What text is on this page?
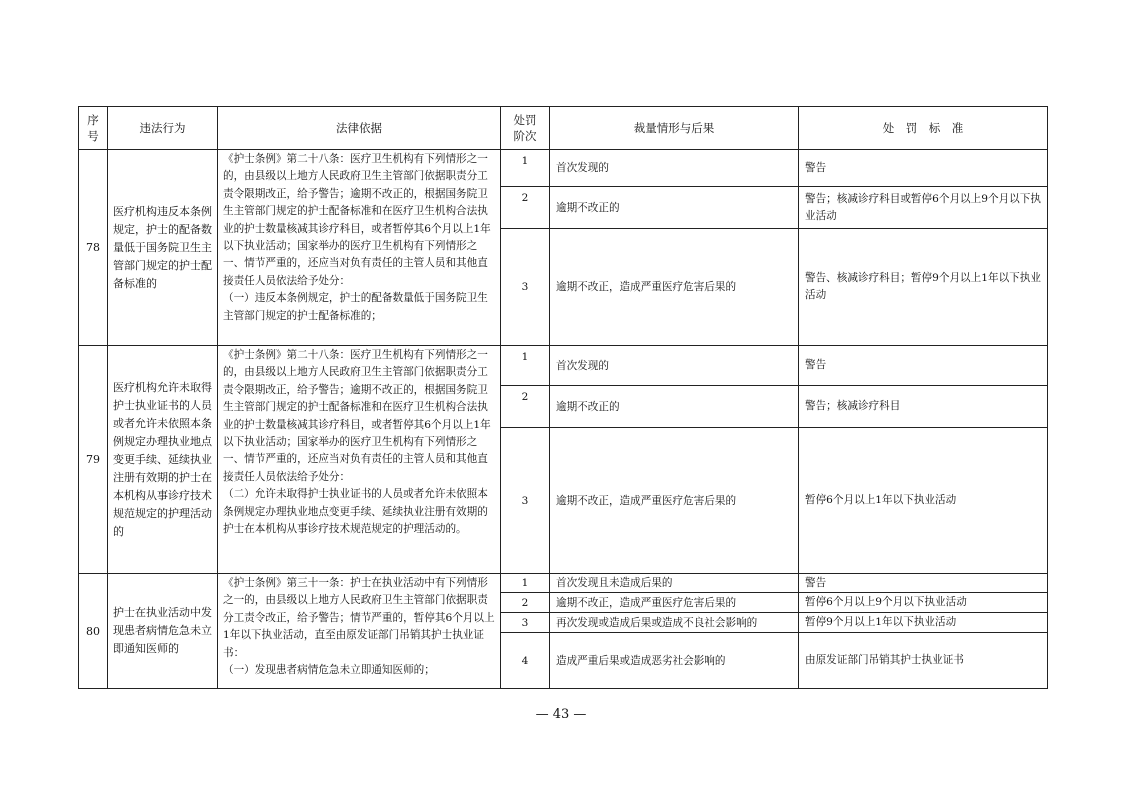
序
号	违法行为	法律依据	处罚
阶次	裁量情形与后果	处　罚　标　准
78	医疗机构违反本条例规定，护士的配备数量低于国务院卫生主管部门规定的护士配备标准的	《护士条例》第二十八条：医疗卫生机构有下列情形之一的，由县级以上地方人民政府卫生主管部门依据职责分工责令限期改正，给予警告；逾期不改正的，根据国务院卫生主管部门规定的护士配备标准和在医疗卫生机构合法执业的护士数量核减其诊疗科目，或者暂停其6个月以上1年以下执业活动；国家举办的医疗卫生机构有下列情形之一、情节严重的，还应当对负有责任的主管人员和其他直接责任人员依法给予处分：
（一）违反本条例规定，护士的配备数量低于国务院卫生主管部门规定的护士配备标准的；	1	首次发现的	警告
			2	逾期不改正的	警告；核减诊疗科目或暂停6个月以上9个月以下执业活动
			3	逾期不改正，造成严重医疗危害后果的	警告、核减诊疗科目；暂停9个月以上1年以下执业活动
79	医疗机构允许未取得护士执业证书的人员或者允许未依照本条例规定办理执业地点变更手续、延续执业注册有效期的护士在本机构从事诊疗技术规范规定的护理活动的	《护士条例》第二十八条：医疗卫生机构有下列情形之一的，由县级以上地方人民政府卫生主管部门依据职责分工责令限期改正，给予警告；逾期不改正的，根据国务院卫生主管部门规定的护士配备标准和在医疗卫生机构合法执业的护士数量核减其诊疗科目，或者暂停其6个月以上1年以下执业活动；国家举办的医疗卫生机构有下列情形之一、情节严重的，还应当对负有责任的主管人员和其他直接责任人员依法给予处分：
（二）允许未取得护士执业证书的人员或者允许未依照本条例规定办理执业地点变更手续、延续执业注册有效期的护士在本机构从事诊疗技术规范规定的护理活动的。	1	首次发现的	警告
			2	逾期不改正的	警告；核减诊疗科目
			3	逾期不改正，造成严重医疗危害后果的	暂停6个月以上1年以下执业活动
80	护士在执业活动中发现患者病情危急未立即通知医师的	《护士条例》第三十一条：护士在执业活动中有下列情形之一的，由县级以上地方人民政府卫生主管部门依据职责分工责令改正，给予警告；情节严重的，暂停其6个月以上1年以下执业活动，直至由原发证部门吊销其护士执业证书：
（一）发现患者病情危急未立即通知医师的；	1	首次发现且未造成后果的	警告
			2	逾期不改正，造成严重医疗危害后果的	暂停6个月以上9个月以下执业活动
			3	再次发现或造成后果或造成不良社会影响的	暂停9个月以上1年以下执业活动
			4	造成严重后果或造成恶劣社会影响的	由原发证部门吊销其护士执业证书
— 43 —
